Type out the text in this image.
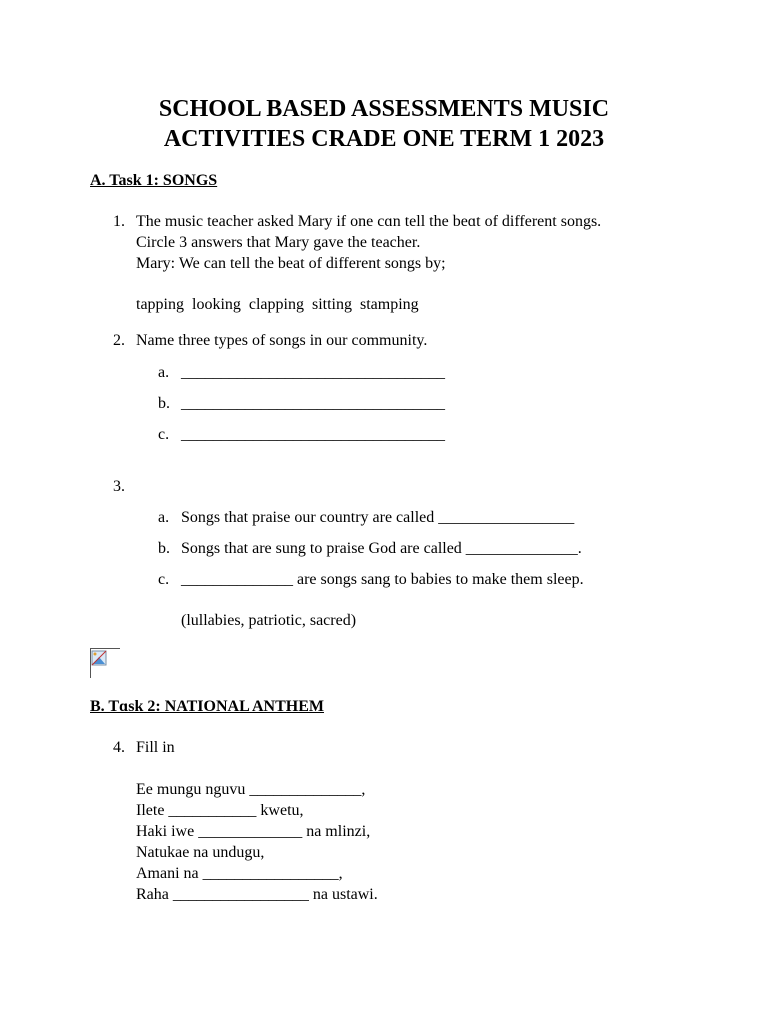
SCHOOL BASED ASSESSMENTS MUSIC
ACTIVITIES CRADE ONE TERM 1 2023
A. Task 1: SONGS
1. The music teacher asked Mary if one cɑn tell the beɑt of different songs.
Circle 3 answers that Mary gave the teacher.
Mary: We can tell the beat of different songs by;
tapping  looking  clapping  sitting  stamping
2. Name three types of songs in our community.
a. _________________________________
b. _________________________________
c. _________________________________
3.
a. Songs that praise our country are called _________________
b. Songs that are sung to praise God are called ______________.
c. ______________ are songs sang to babies to make them sleep.
(lullabies, patriotic, sacred)
B. Tɑsk 2: NATIONAL ANTHEM
4. Fill in
Ee mungu nguvu ______________,
Ilete ___________ kwetu,
Haki iwe _____________ na mlinzi,
Natukae na undugu,
Amani na _________________,
Raha _________________ na ustawi.
